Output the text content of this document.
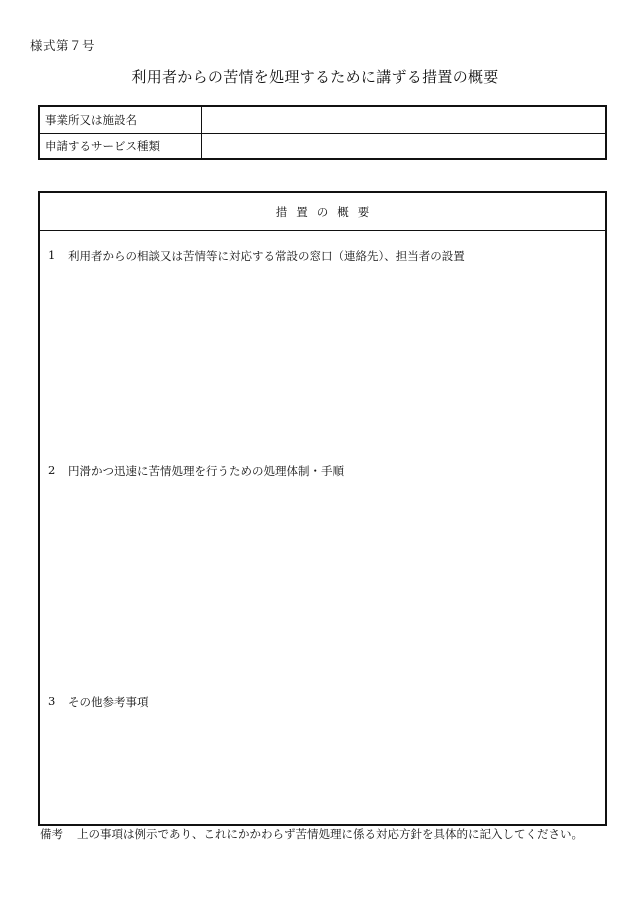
様式第７号
利用者からの苦情を処理するために講ずる措置の概要
事業所又は施設名
申請するサービス種類
措置の概要
1	利用者からの相談又は苦情等に対応する常設の窓口（連絡先）、担当者の設置
2	円滑かつ迅速に苦情処理を行うための処理体制・手順
3	その他参考事項
備考 上の事項は例示であり、これにかかわらず苦情処理に係る対応方針を具体的に記入してください。
